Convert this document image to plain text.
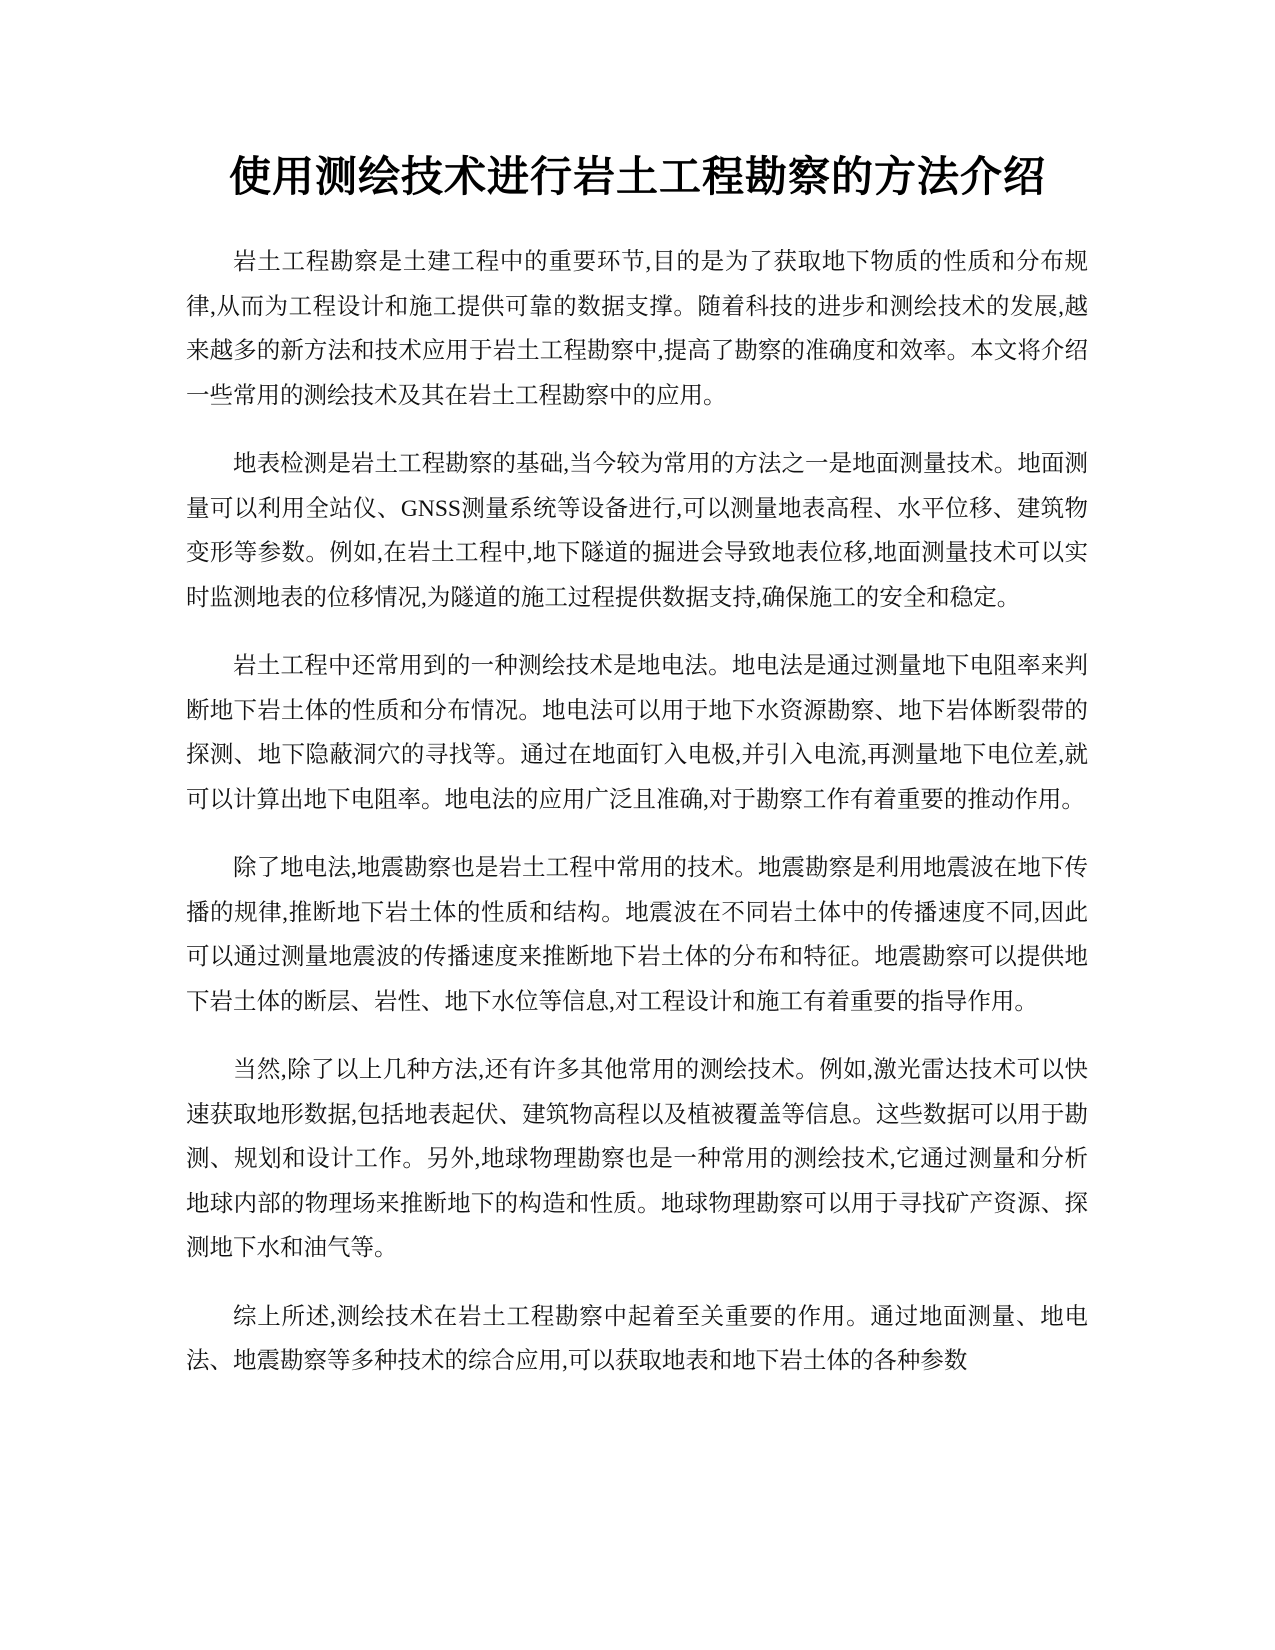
使用测绘技术进行岩土工程勘察的方法介绍

岩土工程勘察是土建工程中的重要环节,目的是为了获取地下物质的性质和分布规律,从而为工程设计和施工提供可靠的数据支撑。随着科技的进步和测绘技术的发展,越来越多的新方法和技术应用于岩土工程勘察中,提高了勘察的准确度和效率。本文将介绍一些常用的测绘技术及其在岩土工程勘察中的应用。

地表检测是岩土工程勘察的基础,当今较为常用的方法之一是地面测量技术。地面测量可以利用全站仪、GNSS测量系统等设备进行,可以测量地表高程、水平位移、建筑物变形等参数。例如,在岩土工程中,地下隧道的掘进会导致地表位移,地面测量技术可以实时监测地表的位移情况,为隧道的施工过程提供数据支持,确保施工的安全和稳定。

岩土工程中还常用到的一种测绘技术是地电法。地电法是通过测量地下电阻率来判断地下岩土体的性质和分布情况。地电法可以用于地下水资源勘察、地下岩体断裂带的探测、地下隐蔽洞穴的寻找等。通过在地面钉入电极,并引入电流,再测量地下电位差,就可以计算出地下电阻率。地电法的应用广泛且准确,对于勘察工作有着重要的推动作用。

除了地电法,地震勘察也是岩土工程中常用的技术。地震勘察是利用地震波在地下传播的规律,推断地下岩土体的性质和结构。地震波在不同岩土体中的传播速度不同,因此可以通过测量地震波的传播速度来推断地下岩土体的分布和特征。地震勘察可以提供地下岩土体的断层、岩性、地下水位等信息,对工程设计和施工有着重要的指导作用。

当然,除了以上几种方法,还有许多其他常用的测绘技术。例如,激光雷达技术可以快速获取地形数据,包括地表起伏、建筑物高程以及植被覆盖等信息。这些数据可以用于勘测、规划和设计工作。另外,地球物理勘察也是一种常用的测绘技术,它通过测量和分析地球内部的物理场来推断地下的构造和性质。地球物理勘察可以用于寻找矿产资源、探测地下水和油气等。

综上所述,测绘技术在岩土工程勘察中起着至关重要的作用。通过地面测量、地电法、地震勘察等多种技术的综合应用,可以获取地表和地下岩土体的各种参数
